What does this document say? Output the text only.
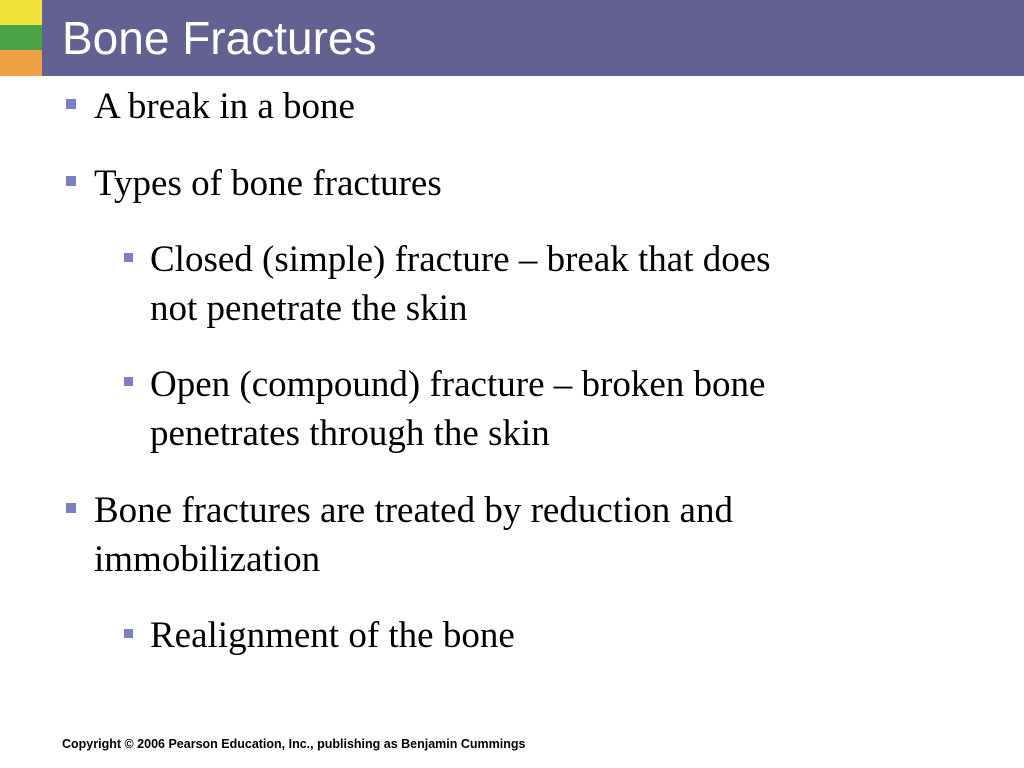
Bone Fractures
A break in a bone
Types of bone fractures
Closed (simple) fracture – break that does
not penetrate the skin
Open (compound) fracture – broken bone
penetrates through the skin
Bone fractures are treated by reduction and
immobilization
Realignment of the bone
Copyright © 2006 Pearson Education, Inc., publishing as Benjamin Cummings
